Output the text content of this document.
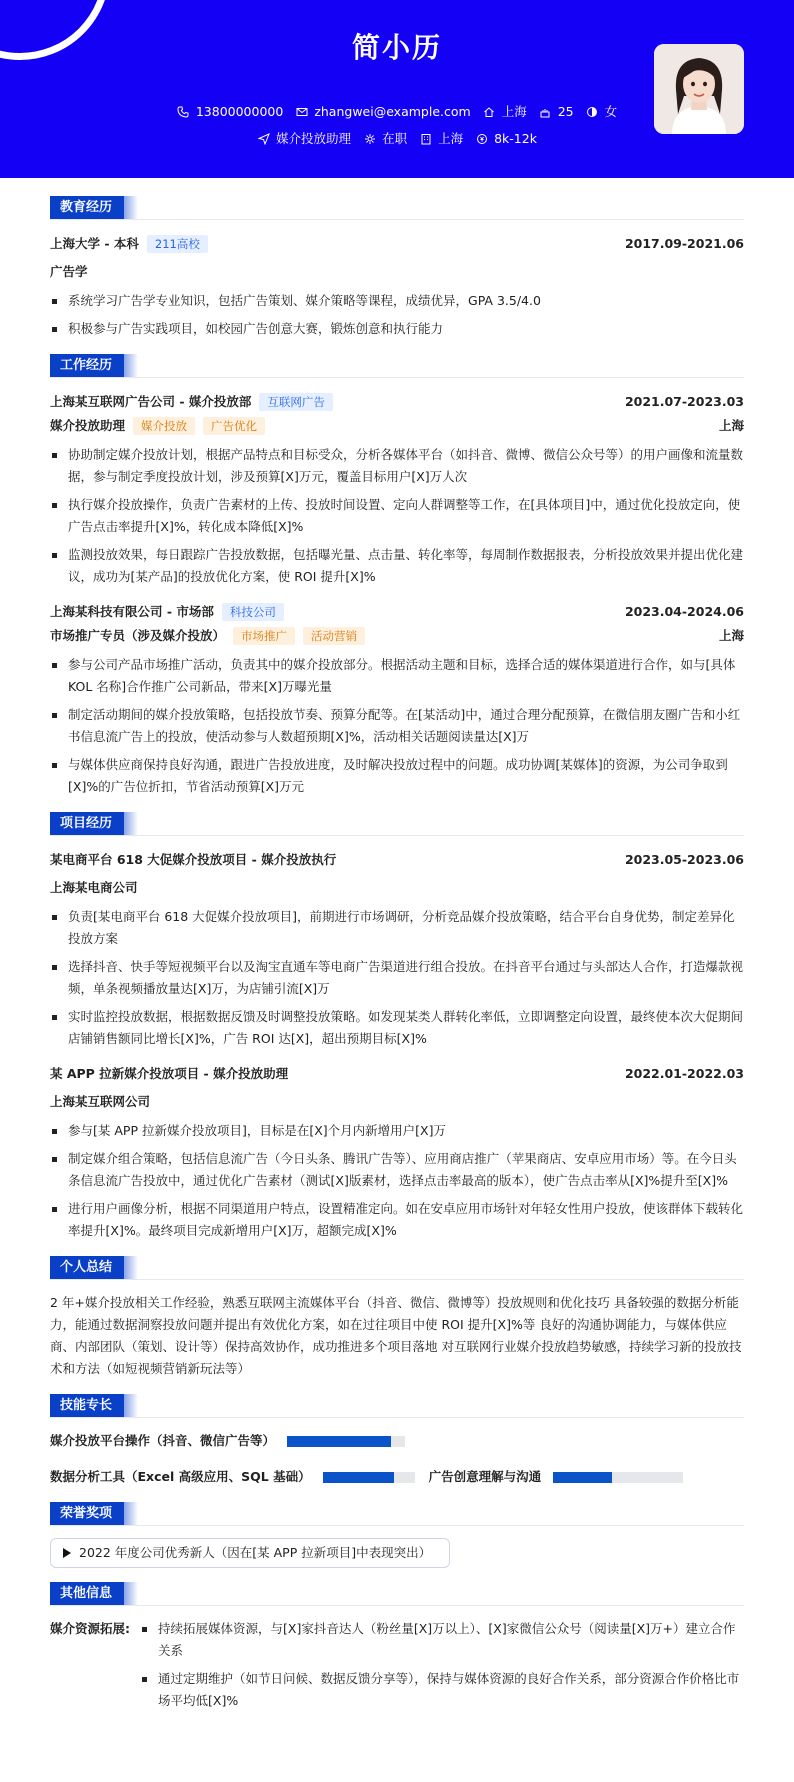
简小历
13800000000 zhangwei@example.com 上海 25 女
媒介投放助理 在职 上海 8k-12k
教育经历
上海大学 - 本科	211高校	2017.09-2021.06
广告学
系统学习广告学专业知识，包括广告策划、媒介策略等课程，成绩优异，GPA 3.5/4.0
积极参与广告实践项目，如校园广告创意大赛，锻炼创意和执行能力
工作经历
上海某互联网广告公司 - 媒介投放部	互联网广告	2021.07-2023.03
媒介投放助理	媒介投放	广告优化	上海
协助制定媒介投放计划，根据产品特点和目标受众，分析各媒体平台（如抖音、微博、微信公众号等）的用户画像和流量数据，参与制定季度投放计划，涉及预算[X]万元，覆盖目标用户[X]万人次
执行媒介投放操作，负责广告素材的上传、投放时间设置、定向人群调整等工作，在[具体项目]中，通过优化投放定向，使广告点击率提升[X]%，转化成本降低[X]%
监测投放效果，每日跟踪广告投放数据，包括曝光量、点击量、转化率等，每周制作数据报表，分析投放效果并提出优化建议，成功为[某产品]的投放优化方案，使 ROI 提升[X]%
上海某科技有限公司 - 市场部	科技公司	2023.04-2024.06
市场推广专员（涉及媒介投放）	市场推广	活动营销	上海
参与公司产品市场推广活动，负责其中的媒介投放部分。根据活动主题和目标，选择合适的媒体渠道进行合作，如与[具体 KOL 名称]合作推广公司新品，带来[X]万曝光量
制定活动期间的媒介投放策略，包括投放节奏、预算分配等。在[某活动]中，通过合理分配预算，在微信朋友圈广告和小红书信息流广告上的投放，使活动参与人数超预期[X]%，活动相关话题阅读量达[X]万
与媒体供应商保持良好沟通，跟进广告投放进度，及时解决投放过程中的问题。成功协调[某媒体]的资源，为公司争取到[X]%的广告位折扣，节省活动预算[X]万元
项目经历
某电商平台 618 大促媒介投放项目 - 媒介投放执行	2023.05-2023.06
上海某电商公司
负责[某电商平台 618 大促媒介投放项目]，前期进行市场调研，分析竞品媒介投放策略，结合平台自身优势，制定差异化投放方案
选择抖音、快手等短视频平台以及淘宝直通车等电商广告渠道进行组合投放。在抖音平台通过与头部达人合作，打造爆款视频，单条视频播放量达[X]万，为店铺引流[X]万
实时监控投放数据，根据数据反馈及时调整投放策略。如发现某类人群转化率低，立即调整定向设置，最终使本次大促期间店铺销售额同比增长[X]%，广告 ROI 达[X]，超出预期目标[X]%
某 APP 拉新媒介投放项目 - 媒介投放助理	2022.01-2022.03
上海某互联网公司
参与[某 APP 拉新媒介投放项目]，目标是在[X]个月内新增用户[X]万
制定媒介组合策略，包括信息流广告（今日头条、腾讯广告等）、应用商店推广（苹果商店、安卓应用市场）等。在今日头条信息流广告投放中，通过优化广告素材（测试[X]版素材，选择点击率最高的版本），使广告点击率从[X]%提升至[X]%
进行用户画像分析，根据不同渠道用户特点，设置精准定向。如在安卓应用市场针对年轻女性用户投放，使该群体下载转化率提升[X]%。最终项目完成新增用户[X]万，超额完成[X]%
个人总结

2 年+媒介投放相关工作经验，熟悉互联网主流媒体平台（抖音、微信、微博等）投放规则和优化技巧 具备较强的数据分析能力，能通过数据洞察投放问题并提出有效优化方案，如在过往项目中使 ROI 提升[X]%等 良好的沟通协调能力，与媒体供应商、内部团队（策划、设计等）保持高效协作，成功推进多个项目落地 对互联网行业媒介投放趋势敏感，持续学习新的投放技术和方法（如短视频营销新玩法等）

技能专长
媒介投放平台操作（抖音、微信广告等）
数据分析工具（Excel 高级应用、SQL 基础）	广告创意理解与沟通
荣誉奖项
2022 年度公司优秀新人（因在[某 APP 拉新项目]中表现突出）
其他信息
媒介资源拓展:	持续拓展媒体资源，与[X]家抖音达人（粉丝量[X]万以上）、[X]家微信公众号（阅读量[X]万+）建立合作关系
通过定期维护（如节日问候、数据反馈分享等），保持与媒体资源的良好合作关系，部分资源合作价格比市场平均低[X]%
